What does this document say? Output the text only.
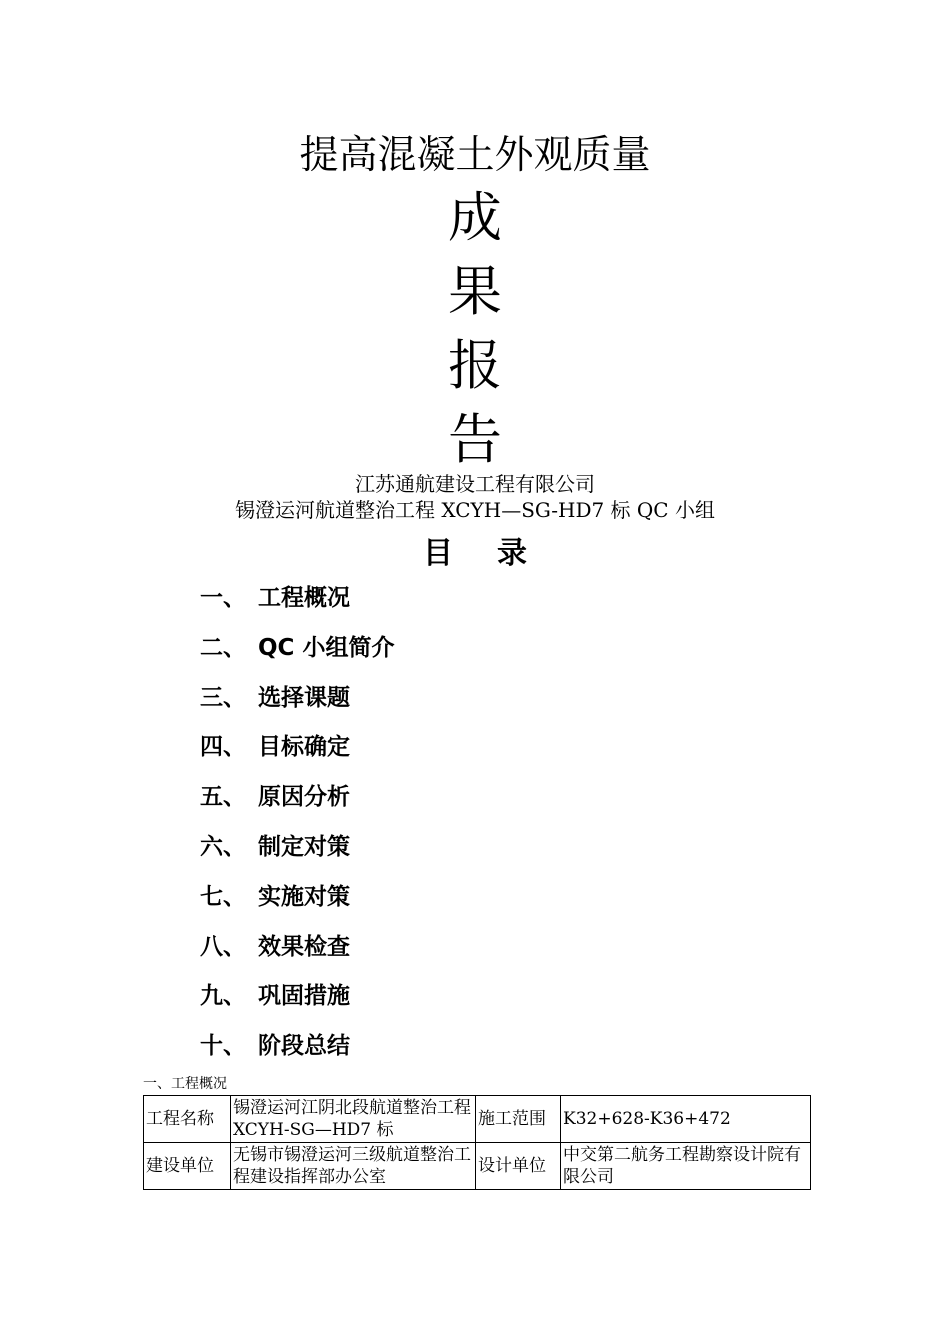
提高混凝土外观质量
成
果
报
告
江苏通航建设工程有限公司
锡澄运河航道整治工程 XCYH—SG-HD7 标 QC 小组
目 录
一、 工程概况
二、 QC 小组简介
三、 选择课题
四、 目标确定
五、 原因分析
六、 制定对策
七、 实施对策
八、 效果检查
九、 巩固措施
十、 阶段总结
一、工程概况
工程名称	锡澄运河江阴北段航道整治工程 XCYH-SG—HD7 标	施工范围	K32+628-K36+472
建设单位	无锡市锡澄运河三级航道整治工程建设指挥部办公室	设计单位	中交第二航务工程勘察设计院有限公司
